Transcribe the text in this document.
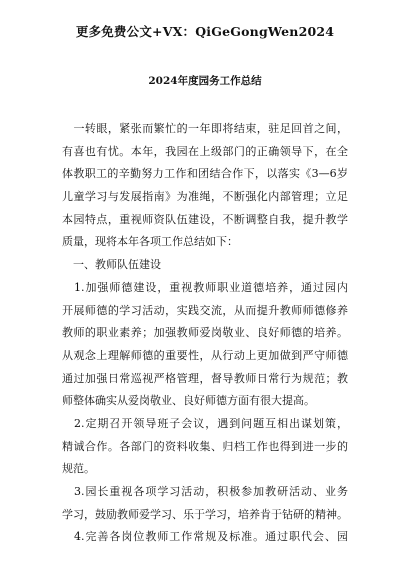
更多免费公文+VX：QiGeGongWen2024
2024年度园务工作总结
　一转眼，紧张而繁忙的一年即将结束，驻足回首之间，
有喜也有忧。本年，我园在上级部门的正确领导下，在全
体教职工的辛勤努力工作和团结合作下，以落实《3—6岁
儿童学习与发展指南》为准绳，不断强化内部管理；立足
本园特点，重视师资队伍建设，不断调整自我，提升教学
质量，现将本年各项工作总结如下：
　一、教师队伍建设
　1.加强师德建设，重视教师职业道德培养，通过园内
开展师德的学习活动，实践交流，从而提升教师师德修养
教师的职业素养；加强教师爱岗敬业、良好师德的培养。
从观念上理解师德的重要性，从行动上更加做到严守师德
通过加强日常巡视严格管理，督导教师日常行为规范；教
师整体确实从爱岗敬业、良好师德方面有很大提高。
　2.定期召开领导班子会议，遇到问题互相出谋划策，
精诚合作。各部门的资料收集、归档工作也得到进一步的
规范。
　3.园长重视各项学习活动，积极参加教研活动、业务
学习，鼓励教师爱学习、乐于学习，培养肯于钻研的精神。
　4.完善各岗位教师工作常规及标准。通过职代会、园
